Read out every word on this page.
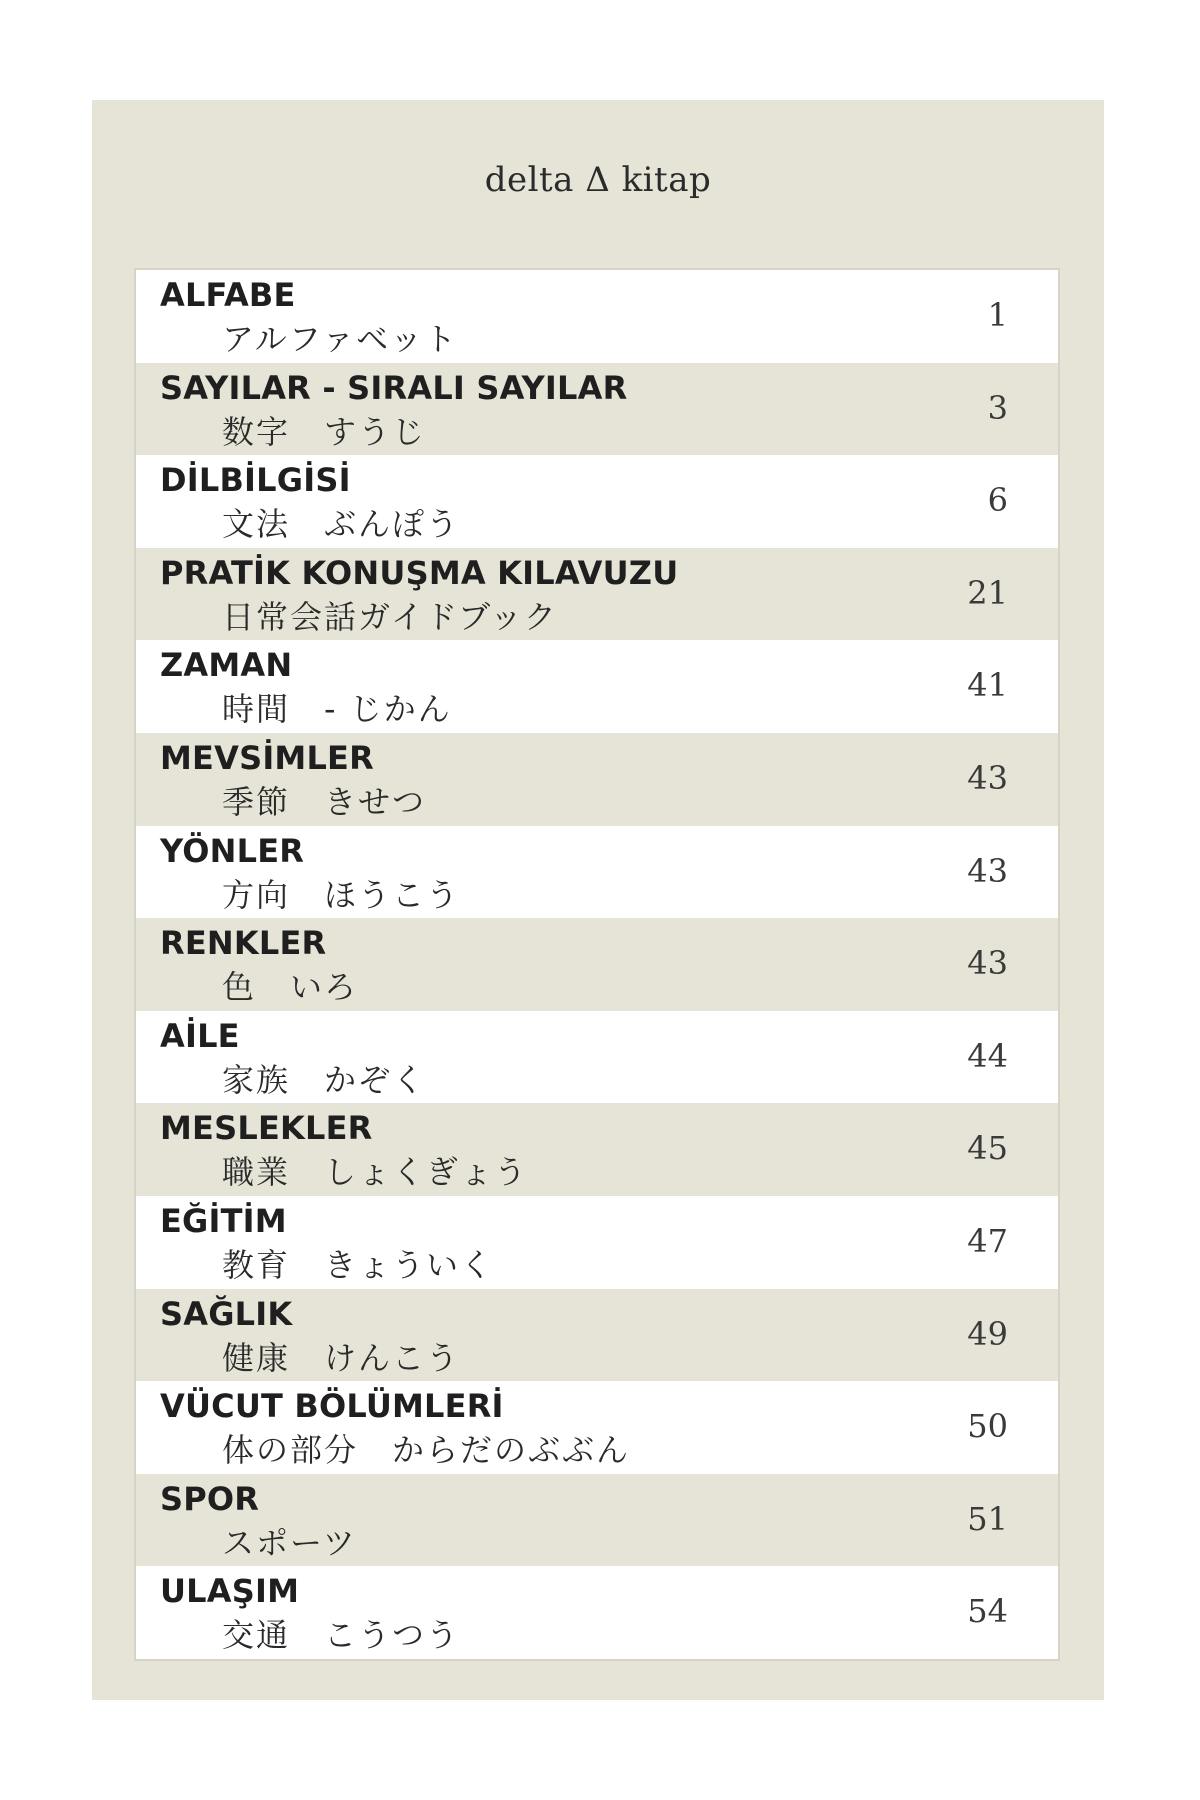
delta Δ kitap
ALFABE
アルファベット
1
SAYILAR - SIRALI SAYILAR
数字　すうじ
3
DİLBİLGİSİ
文法　ぶんぽう
6
PRATİK KONUŞMA KILAVUZU
日常会話ガイドブック
21
ZAMAN
時間　- じかん
41
MEVSİMLER
季節　きせつ
43
YÖNLER
方向　ほうこう
43
RENKLER
色　いろ
43
AİLE
家族　かぞく
44
MESLEKLER
職業　しょくぎょう
45
EĞİTİM
教育　きょういく
47
SAĞLIK
健康　けんこう
49
VÜCUT BÖLÜMLERİ
体の部分　からだのぶぶん
50
SPOR
スポーツ
51
ULAŞIM
交通　こうつう
54
